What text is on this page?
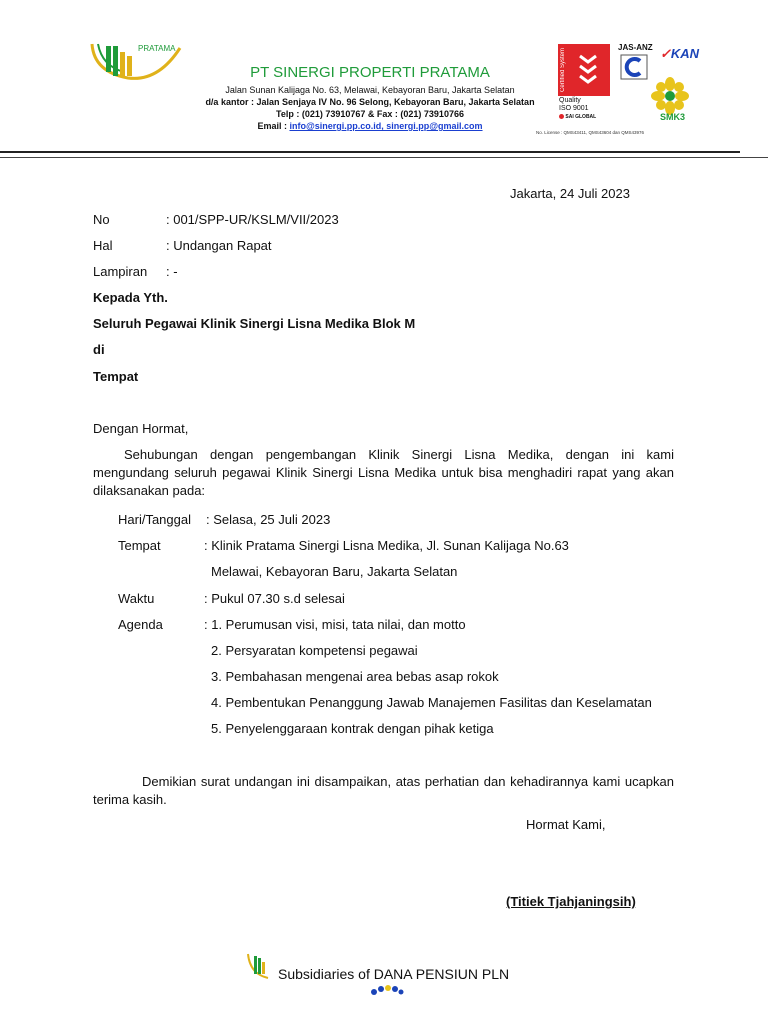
PRATAMA
PT SINERGI PROPERTI PRATAMA
Jalan Sunan Kalijaga No. 63, Melawai, Kebayoran Baru, Jakarta Selatan
d/a kantor : Jalan Senjaya IV No. 96 Selong, Kebayoran Baru, Jakarta Selatan
Telp : (021) 73910767 & Fax : (021) 73910766
Email : info@sinergi.pp.co.id, sinergi.pp@gmail.com
Certified System
Quality
ISO 9001
SAI GLOBAL
JAS-ANZ ✓KAN
SMK3
No. License : QMS43411, QMS43604 dan QMS43976
Jakarta, 24 Juli 2023
No	: 001/SPP-UR/KSLM/VII/2023
Hal	: Undangan Rapat
Lampiran : -
Kepada Yth.
Seluruh Pegawai Klinik Sinergi Lisna Medika Blok M
di
Tempat
Dengan Hormat,
Sehubungan dengan pengembangan Klinik Sinergi Lisna Medika, dengan ini kami mengundang seluruh pegawai Klinik Sinergi Lisna Medika untuk bisa menghadiri rapat yang akan dilaksanakan pada:
Hari/Tanggal : Selasa, 25 Juli 2023
Tempat	: Klinik Pratama Sinergi Lisna Medika, Jl. Sunan Kalijaga No.63
Melawai, Kebayoran Baru, Jakarta Selatan
Waktu	: Pukul 07.30 s.d selesai
Agenda	: 1. Perumusan visi, misi, tata nilai, dan motto
2. Persyaratan kompetensi pegawai
3. Pembahasan mengenai area bebas asap rokok
4. Pembentukan Penanggung Jawab Manajemen Fasilitas dan Keselamatan
5. Penyelenggaraan kontrak dengan pihak ketiga
Demikian surat undangan ini disampaikan, atas perhatian dan kehadirannya kami ucapkan terima kasih.
Hormat Kami,
(Titiek Tjahjaningsih)
Subsidiaries of DANA PENSIUN PLN
